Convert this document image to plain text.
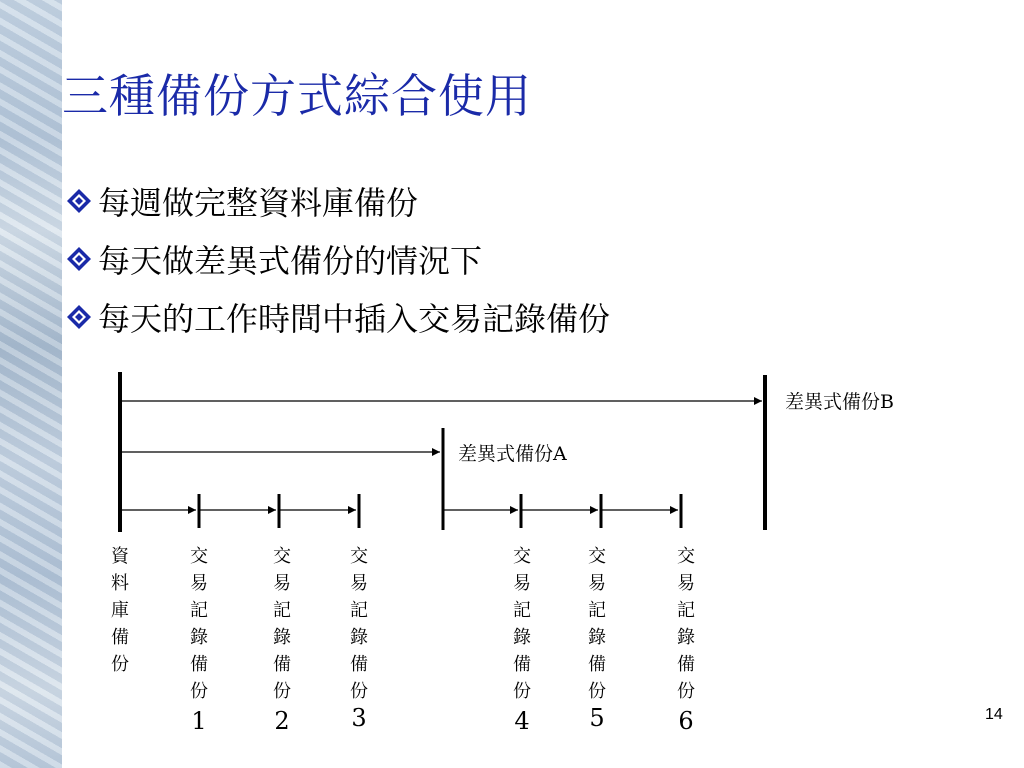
三種備份方式綜合使用
每週做完整資料庫備份
每天做差異式備份的情況下
每天的工作時間中插入交易記錄備份
差異式備份B
差異式備份A
資
料
庫
備
份
交
易
記
錄
備
份
1
交
易
記
錄
備
份
2
交
易
記
錄
備
份
3
交
易
記
錄
備
份
4
交
易
記
錄
備
份
5
交
易
記
錄
備
份
6	14
